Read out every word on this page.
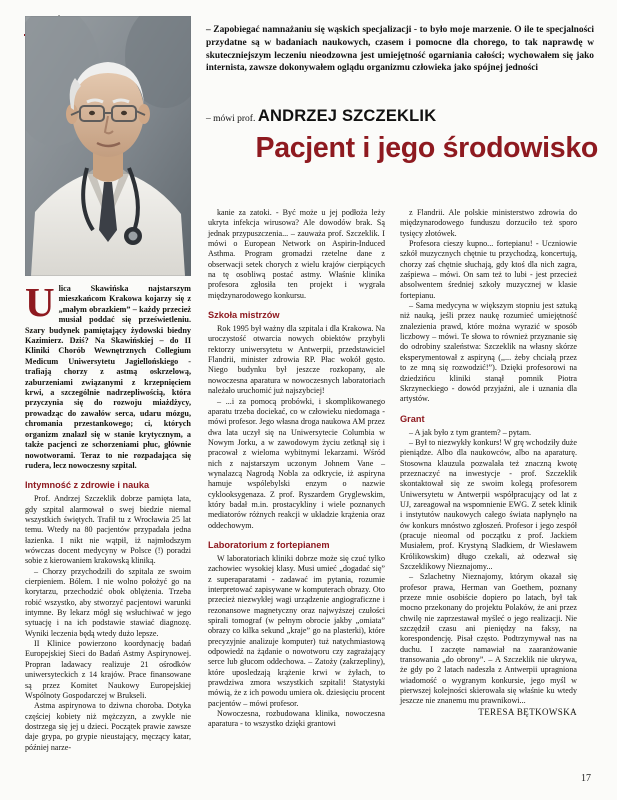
– Zapobiegać namnażaniu się wąskich specjalizacji - to było moje marzenie. O ile te specjalności przydatne są w badaniach naukowych, czasem i pomocne dla chorego, to tak naprawdę w skuteczniejszym leczeniu nieodzowna jest umiejętność ogarniania całości; wychowałem się jako internista, zawsze dokonywałem oglądu organizmu człowieka jako spójnej jedności
– mówi prof. ANDRZEJ SZCZEKLIK
Pacjent i jego środowisko

U lica Skawińska najstarszym mieszkańcom Krakowa kojarzy się z „małym obrazkiem” – każdy przecież musiał poddać się prześwietleniu. Szary budynek pamiętający żydowski biedny Kazimierz. Dziś? Na Skawińskiej – do II Kliniki Chorób Wewnętrznych Collegium Medicum Uniwersytetu Jagiellońskiego - trafiają chorzy z astmą oskrzelową, zaburzeniami związanymi z krzepnięciem krwi, a szczególnie nadrzepliwością, która przyczynia się do rozwoju miażdżycy, prowadząc do zawałów serca, udaru mózgu, chromania przestankowego; ci, których organizm znalazł się w stanie krytycznym, a także pacjenci ze schorzeniami płuc, głównie nowotworami. Teraz to nie rozpadająca się rudera, lecz nowoczesny szpital.

Intymność z zdrowie i nauka

Prof. Andrzej Szczeklik dobrze pamięta lata, gdy szpital alarmował o swej biedzie niemal wszystkich świętych. Trafił tu z Wrocławia 25 lat temu. Wtedy na 80 pacjentów przypadała jedna łazienka. I nikt nie wątpił, iż najmłodszym wówczas docent medycyny w Polsce (!) poradzi sobie z kierowaniem krakowską kliniką.

– Chorzy przychodzili do szpitala ze swoim cierpieniem. Bólem. I nie wolno położyć go na korytarzu, przechodzić obok oblężenia. Trzeba robić wszystko, aby stworzyć pacjentowi warunki intymne. By lekarz mógł się wsłuchiwać w jego sytuację i na ich podstawie stawiać diagnozę. Wyniki leczenia będą wtedy dużo lepsze.

II Klinice powierzono koordynację badań Europejskiej Sieci do Badań Astmy Aspirynowej. Propran ladawacy realizuje 21 ośrodków uniwersyteckich z 14 krajów. Prace finansowane są przez Komitet Naukowy Europejskiej Wspólnoty Gospodarczej w Brukseli.

Astma aspirynowa to dziwna choroba. Dotyka częściej kobiety niż mężczyzn, a zwykle nie dostrzega się jej u dzieci. Początek prawie zawsze daje grypa, po grypie nieustający, męczący katar, później narze-

kanie za zatoki. - Być może u jej podłoża leży ukryta infekcja wirusowa? Ale dowodów brak. Są jednak przypuszczenia... – zauważa prof. Szczeklik. I mówi o European Network on Aspirin-Induced Asthma. Program gromadzi rzetelne dane z obserwacji setek chorych z wielu krajów cierpiących na tę osobliwą postać astmy. Właśnie klinika profesora zgłosiła ten projekt i wygrała międzynarodowego konkursu.

Szkoła mistrzów

Rok 1995 był ważny dla szpitala i dla Krakowa. Na uroczystość otwarcia nowych obiektów przybyli rektorzy uniwersytetu w Antwerpii, przedstawiciel Flandrii, minister zdrowia RP. Płac wokół gęsto. Niego budynku był jeszcze rozkopany, ale nowoczesna aparatura w nowoczesnych laboratoriach należało uruchomić już najszybciej!

– ...i za pomocą probówki, i skomplikowanego aparatu trzeba dociekać, co w człowieku niedomaga - mówi profesor. Jego własna droga naukowa AM przez dwa lata uczył się na Uniwersytecie Columbia w Nowym Jorku, a w zawodowym życiu zetknął się i pracował z wieloma wybitnymi lekarzami. Wśród nich z najstarszym uczonym Johnem Vane – wynalazcą Nagrodą Nobla za odkrycie, iż aspiryna hamuje wspólebylski enzym o nazwie cyklooksygenaza. Z prof. Ryszardem Gryglewskim, który badał m.in. prostacykliny i wiele poznanych mediatorów różnych reakcji w układzie krążenia oraz oddechowym.

Laboratorium z fortepianem

W laboratoriach kliniki dobrze może się czuć tylko zachowiec wysokiej klasy. Musi umieć „dogadać się” z superaparatami - zadawać im pytania, rozumie interpretować zapisywane w komputerach obrazy. Oto przecież niezwykłej wagi urządzenie angiograficzne i rezonansowe magnetyczny oraz najwyższej czułości spirali tomograf (w pełnym obrocie jakby „omiata” obrazy co kilka sekund „kraje” go na plasterki), które precyzyjnie analizuje komputer) tuż natychmiastową odpowiedź na żądanie o nowotworu czy zagrażający serce lub głucom oddechowa. – Zatoży (zakrzepliny), które uposledzają krążenie krwi w żyłach, to prawdziwa zmora wszystkich szpitali! Statystyki mówią, że z ich powodu umiera ok. dziesięciu procent pacjentów – mówi profesor.

Nowoczesna, rozbudowana klinika, nowoczesna aparatura - to wszystko dzięki grantowi

z Flandrii. Ale polskie ministerstwo zdrowia do międzynarodowego funduszu dorzuciło też sporo tysięcy złotówek.

Profesora cieszy kupno... fortepianu! - Uczniowie szkół muzycznych chętnie tu przychodzą, koncertują, chorzy zaś chętnie słuchają, gdy ktoś dla nich zagra, zaśpiewa – mówi. On sam też to lubi - jest przecież absolwentem średniej szkoły muzycznej w klasie fortepianu.

– Sama medycyna w większym stopniu jest sztuką niż nauką, jeśli przez naukę rozumieć umiejętność znalezienia prawd, które można wyrazić w sposób liczbowy – mówi. Te słowa to również przyznanie się do odrobiny szaleństwa: Szczeklik na własny skórze eksperymentował z aspiryną (,,... żeby chciałą przez to ze mną się rozwodzić!”). Dzięki profesorowi na dziedzińcu kliniki stanął pomnik Piotra Skrzyneckiego - dowód przyjaźni, ale i uznania dla artystów.

Grant

– A jak było z tym grantem? – pytam.

– Był to niezwykły konkurs! W grę wchodziły duże pieniądze. Albo dla naukowców, albo na aparaturę. Stosowna klauzula pozwalała też znaczną kwotę przeznaczyć na inwestycje - prof. Szczeklik skontaktował się ze swoim kolegą profesorem Uniwersytetu w Antwerpii współpracujący od lat z UJ, zareagował na wspomnienie EWG. Z setek klinik i instytutów naukowych całego świata napłynęło na ów konkurs mnóstwo zgłoszeń. Profesor i jego zespół (pracuje nieomal od początku z prof. Jackiem Musiałem, prof. Krystyną Sladkiem, dr Wiesławem Królikowskim) długo czekali, aż odezwał się Szczeklikowy Nieznajomy...

– Szlachetny Nieznajomy, którym okazał się profesor prawa, Herman van Goethem, poznany przeze mnie osobiście dopiero po latach, był tak mocno przekonany do projektu Polaków, że ani przez chwilę nie zaprzestawał myśleć o jego realizacji. Nie szczędził czasu ani pieniędzy na faksy, na korespondencję. Pisał często. Podtrzymywał nas na duchu. I zaczęte namawiał na zaaranżowanie transowania „do obrony”. – A Szczeklik nie ukrywa, że gdy po 2 latach nadeszła z Antwerpii upragniona wiadomość o wygranym konkursie, jego myśl w pierwszej kolejności skierowała się właśnie ku wtedy jeszcze nie znanemu mu prawnikowi...

TERESA BĘTKOWSKA

17
